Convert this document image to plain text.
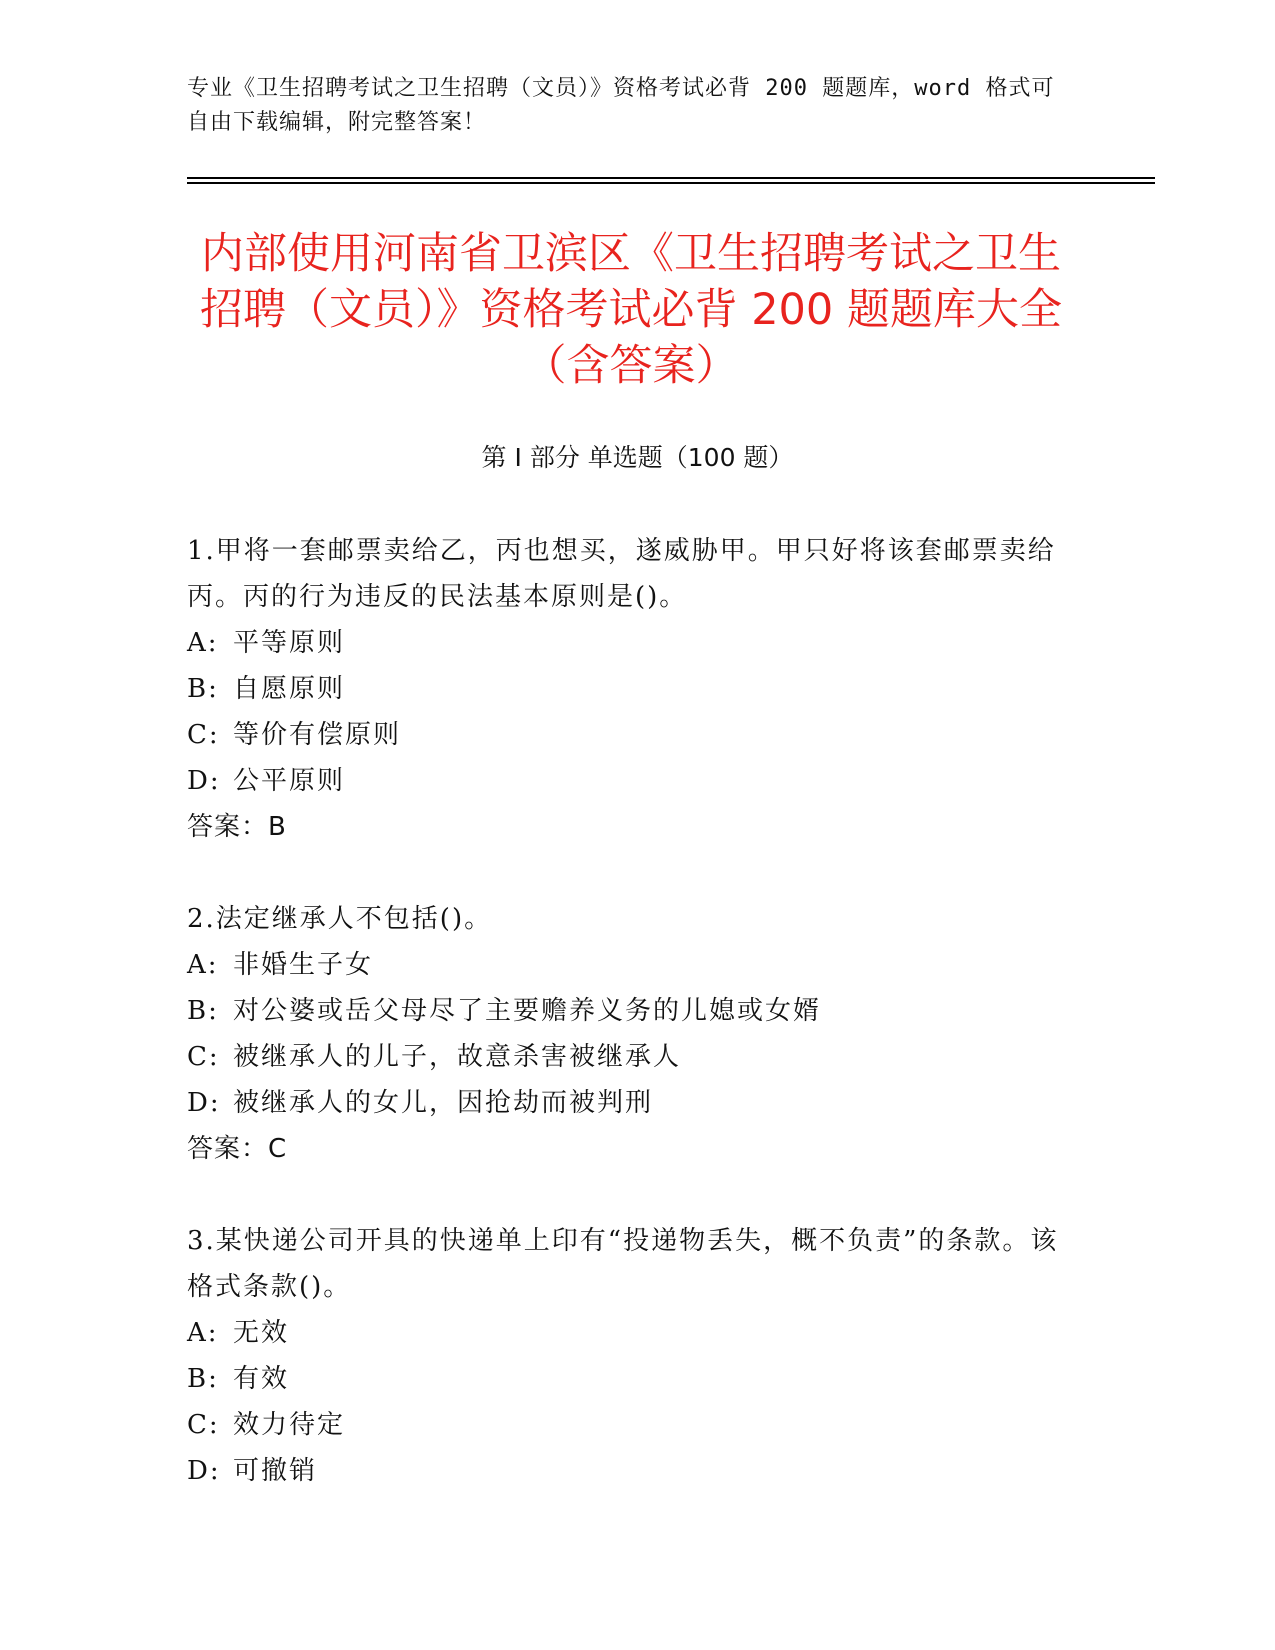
专业《卫生招聘考试之卫生招聘（文员）》资格考试必背 200 题题库，word 格式可自由下载编辑，附完整答案！
内部使用河南省卫滨区《卫生招聘考试之卫生招聘（文员）》资格考试必背 200 题题库大全（含答案）
第 I 部分 单选题（100 题）
1.甲将一套邮票卖给乙，丙也想买，遂威胁甲。甲只好将该套邮票卖给丙。丙的行为违反的民法基本原则是()。
A: 平等原则
B: 自愿原则
C: 等价有偿原则
D: 公平原则
答案：B
2.法定继承人不包括()。
A: 非婚生子女
B: 对公婆或岳父母尽了主要赡养义务的儿媳或女婿
C: 被继承人的儿子，故意杀害被继承人
D: 被继承人的女儿，因抢劫而被判刑
答案：C
3.某快递公司开具的快递单上印有“投递物丢失，概不负责”的条款。该格式条款()。
A: 无效
B: 有效
C: 效力待定
D: 可撤销
